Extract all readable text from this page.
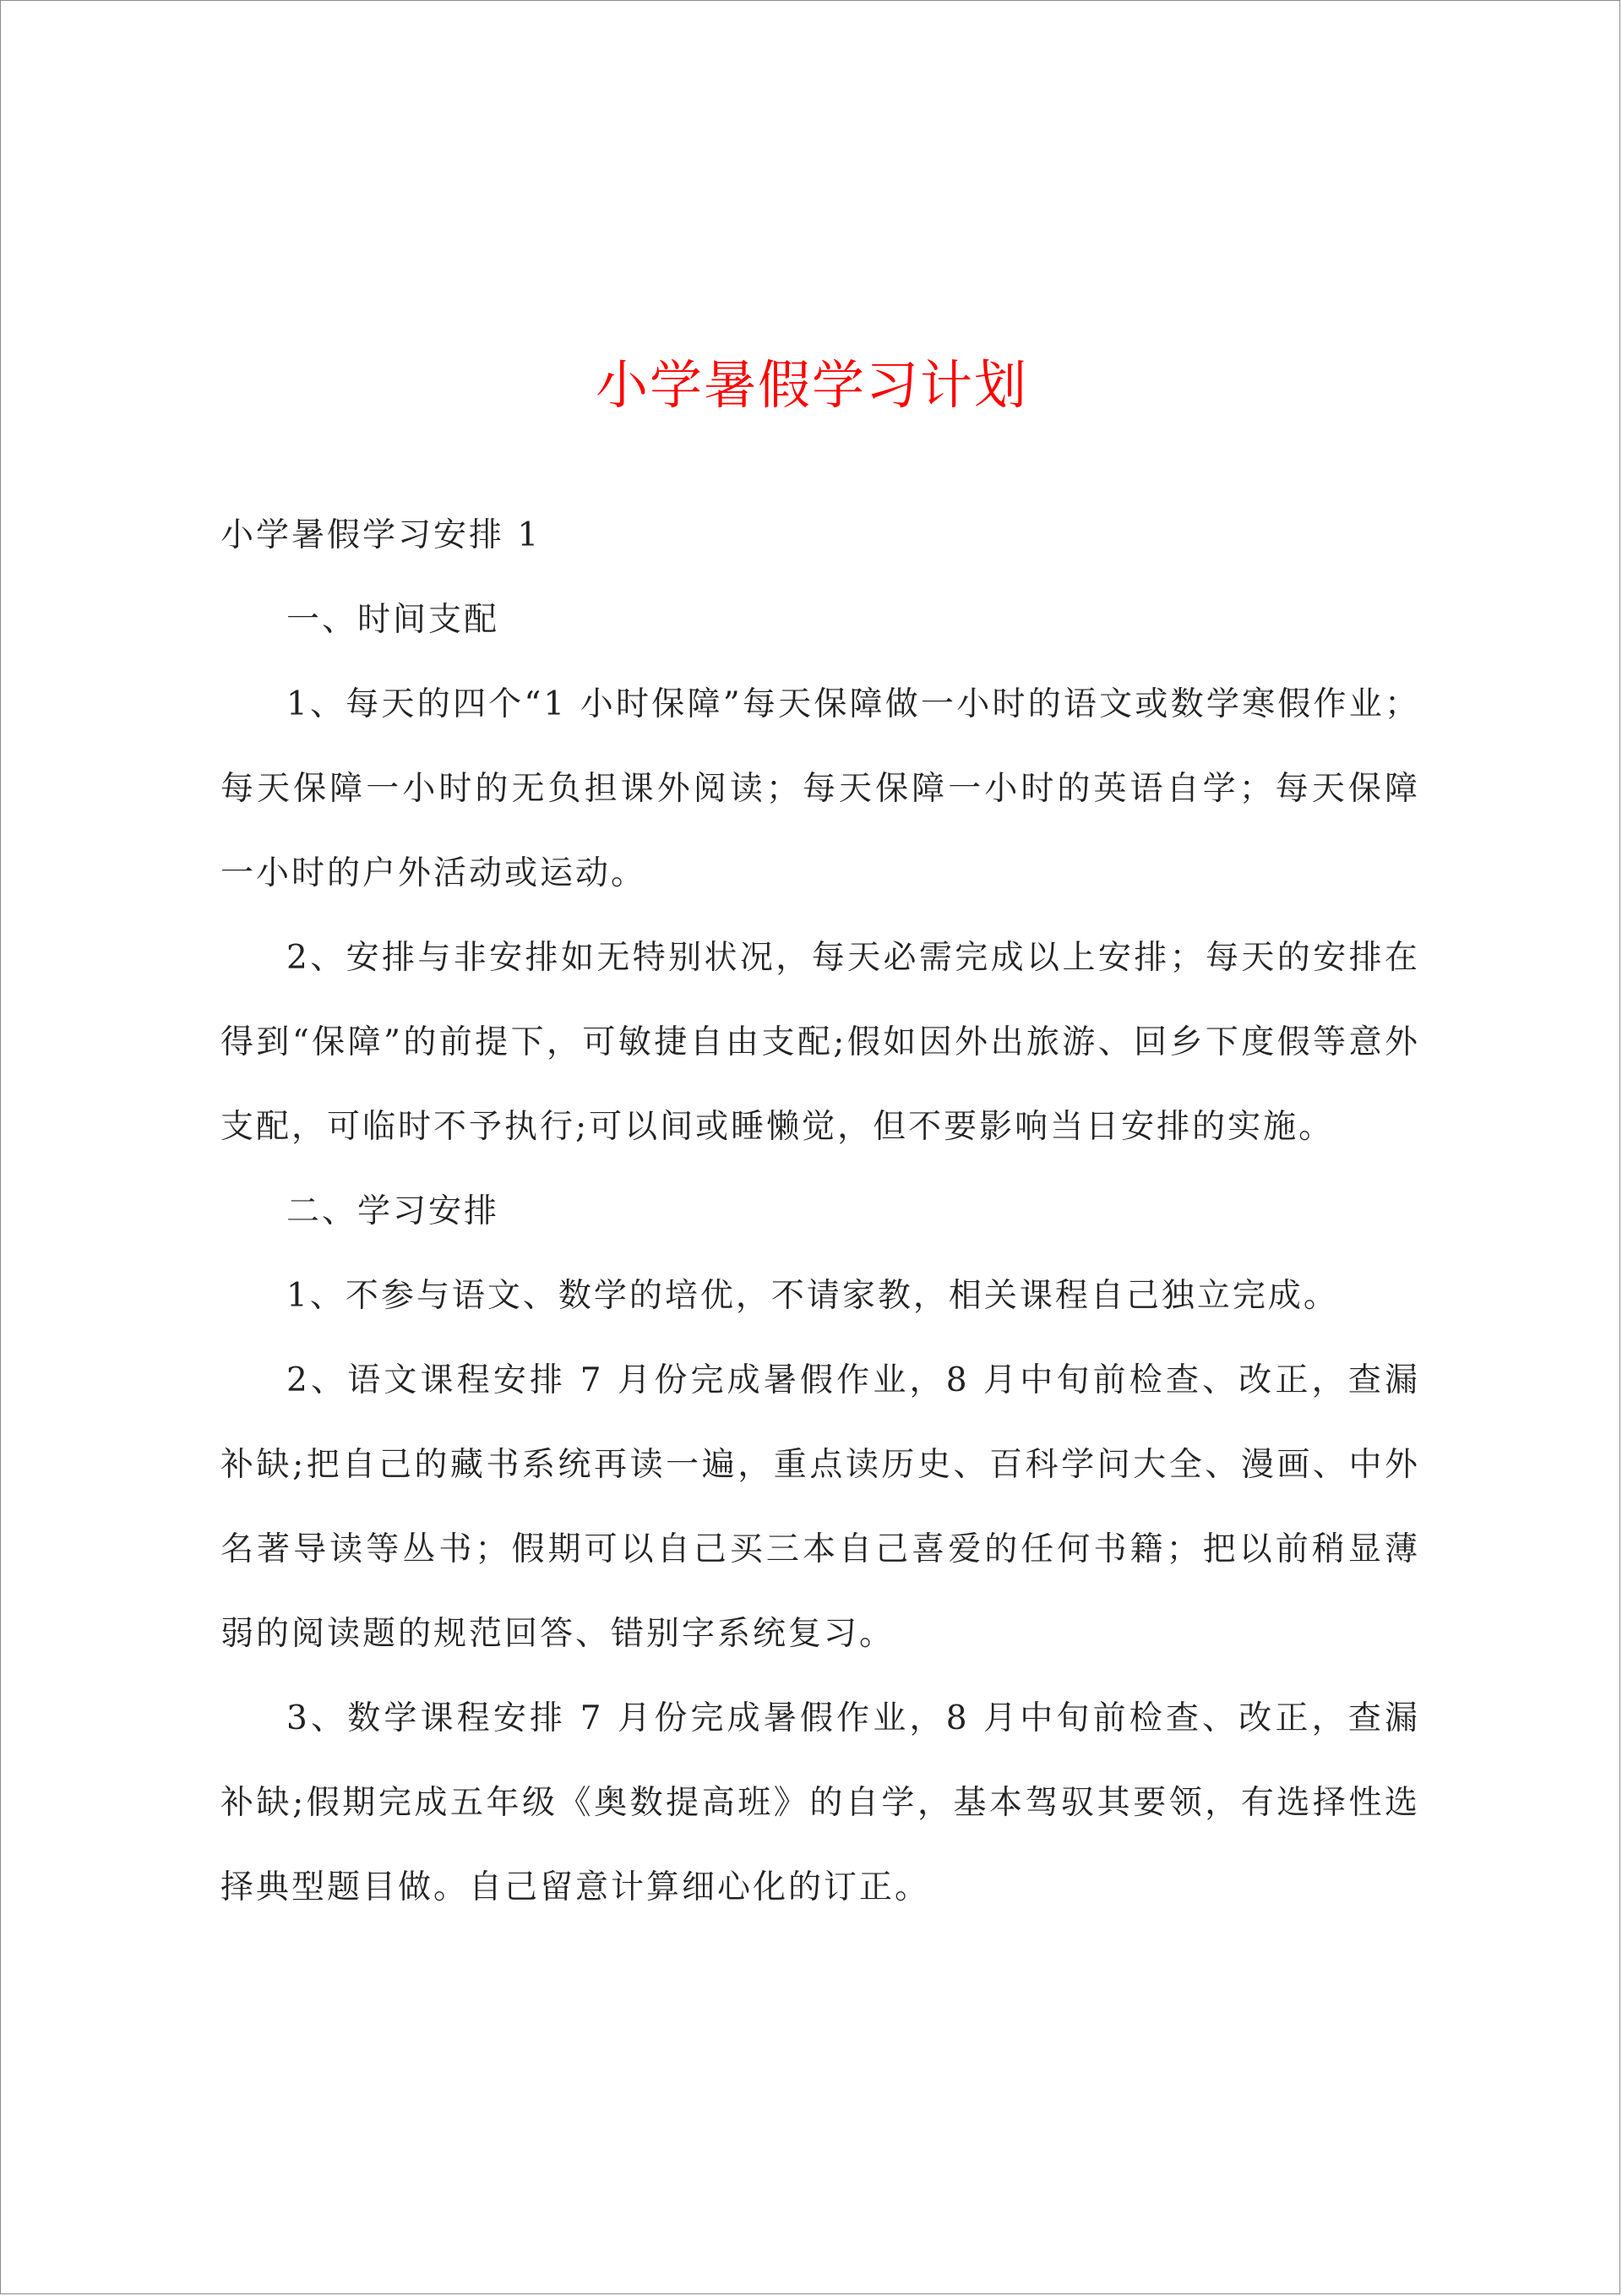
小学暑假学习计划

小学暑假学习安排 1

一、时间支配

1、每天的四个“1 小时保障”每天保障做一小时的语文或数学寒假作业；每天保障一小时的无负担课外阅读；每天保障一小时的英语自学；每天保障一小时的户外活动或运动。

2、安排与非安排如无特别状况，每天必需完成以上安排；每天的安排在得到“保障”的前提下，可敏捷自由支配;假如因外出旅游、回乡下度假等意外支配，可临时不予执行;可以间或睡懒觉，但不要影响当日安排的实施。

二、学习安排

1、不参与语文、数学的培优，不请家教，相关课程自己独立完成。

2、语文课程安排 7 月份完成暑假作业，8 月中旬前检查、改正，查漏补缺;把自己的藏书系统再读一遍，重点读历史、百科学问大全、漫画、中外名著导读等丛书；假期可以自己买三本自己喜爱的任何书籍；把以前稍显薄弱的阅读题的规范回答、错别字系统复习。

3、数学课程安排 7 月份完成暑假作业，8 月中旬前检查、改正，查漏补缺;假期完成五年级《奥数提高班》的自学，基本驾驭其要领，有选择性选择典型题目做。自己留意计算细心化的订正。
